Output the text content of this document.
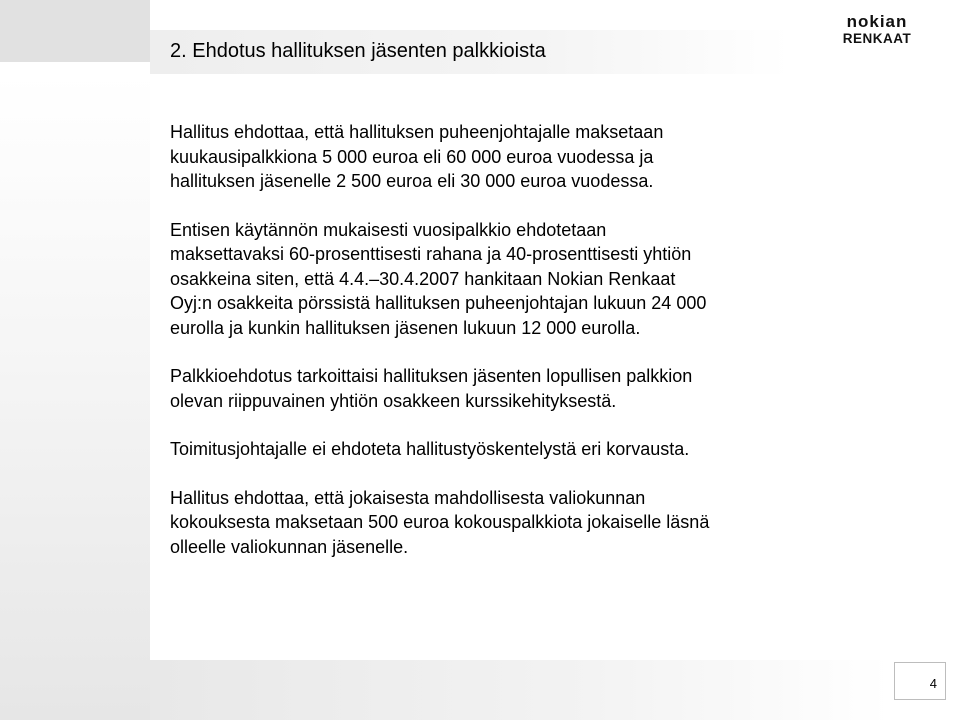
2. Ehdotus hallituksen jäsenten palkkioista
nokian
RENKAAT

Hallitus ehdottaa, että hallituksen puheenjohtajalle maksetaan
kuukausipalkkiona 5 000 euroa eli 60 000 euroa vuodessa ja
hallituksen jäsenelle 2 500 euroa eli 30 000 euroa vuodessa.

Entisen käytännön mukaisesti vuosipalkkio ehdotetaan
maksettavaksi 60-prosenttisesti rahana ja 40-prosenttisesti yhtiön
osakkeina siten, että 4.4.–30.4.2007 hankitaan Nokian Renkaat
Oyj:n osakkeita pörssistä hallituksen puheenjohtajan lukuun 24 000
eurolla ja kunkin hallituksen jäsenen lukuun 12 000 eurolla.

Palkkioehdotus tarkoittaisi hallituksen jäsenten lopullisen palkkion
olevan riippuvainen yhtiön osakkeen kurssikehityksestä.

Toimitusjohtajalle ei ehdoteta hallitustyöskentelystä eri korvausta.

Hallitus ehdottaa, että jokaisesta mahdollisesta valiokunnan
kokouksesta maksetaan 500 euroa kokouspalkkiota jokaiselle läsnä
olleelle valiokunnan jäsenelle.

4
